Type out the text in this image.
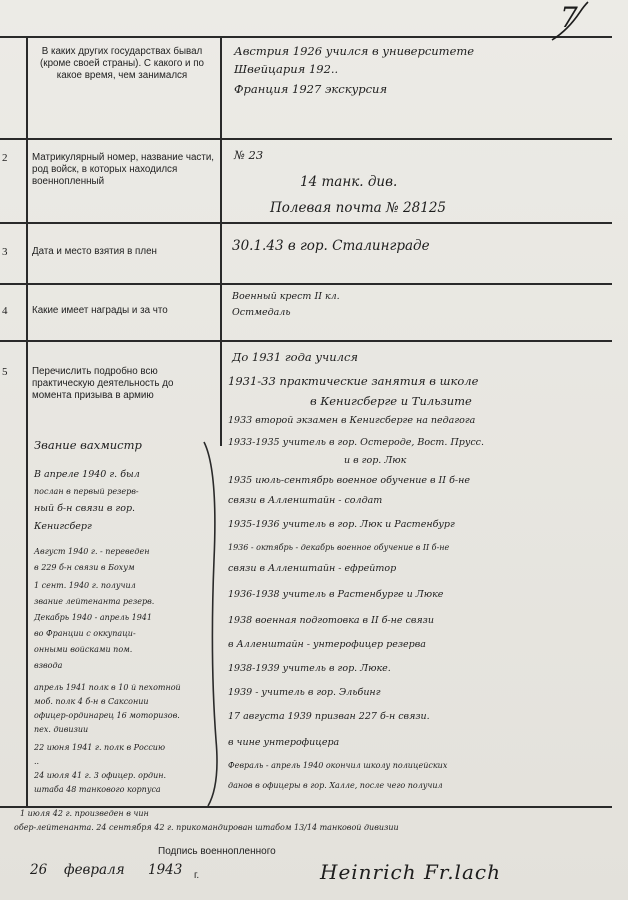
7
В каких других государствах бывал (кроме своей страны). С какого и по какое время, чем занимался
Австрия 1926 учился в университете
Швейцария 192..
Франция 1927 экскурсия
2	Матрикулярный номер, название части, род войск, в которых находился военнопленный
№ 23
14 танк. див.
Полевая почта № 28125
3	Дата и место взятия в плен	30.1.43 в гор. Сталинграде
4	Какие имеет награды и за что
Военный крест II кл.
Остмедаль
5	Перечислить подробно всю практическую деятельность до момента призыва в армию
До 1931 года учился
1931-33 практические занятия в школе
в Кенигсберге и Тильзите
1933 второй экзамен в Кенигсберге на педагога
1933-1935 учитель в гор. Остероде, Вост. Прусс.
и в гор. Люк
1935 июль-сентябрь военное обучение в II б-не
связи в Алленштайн - солдат
1935-1936 учитель в гор. Люк и Растенбург
1936 - октябрь - декабрь военное обучение в II б-не
связи в Алленштайн - ефрейтор
1936-1938 учитель в Растенбурге и Люке
1938 военная подготовка в II б-не связи
в Алленштайн - унтерофицер резерва
1938-1939 учитель в гор. Люке.
1939 - учитель в гор. Эльбинг
17 августа 1939 призван 227 б-н связи.
в чине унтерофицера
Февраль - апрель 1940 окончил школу полицейских
данов в офицеры в гор. Халле, после чего получил
Звание вахмистр
В апреле 1940 г. был
послан в первый резерв-
ный б-н связи в гор.
Кенигсберг
Август 1940 г. - переведен
в 229 б-н связи в Бохум
1 сент. 1940 г. получил
звание лейтенанта резерв.
Декабрь 1940 - апрель 1941
во Франции с оккупаци-
онными войсками пом.
взвода
апрель 1941 полк в 10 й пехотной
моб. полк 4 б-н в Саксонии
офицер-ординарец 16 моторизов.
пех. дивизии
22 июня 1941 г. полк в Россию
..
24 июля 41 г. 3 офицер. ордин.
штаба 48 танкового корпуса
1 июля 42 г. произведен в чин
обер-лейтенанта. 24 сентября 42 г. прикомандирован штабом 13/14 танковой дивизии
Подпись военнопленного
26 февраля 1943 г.	Heinrich Fr.lach
